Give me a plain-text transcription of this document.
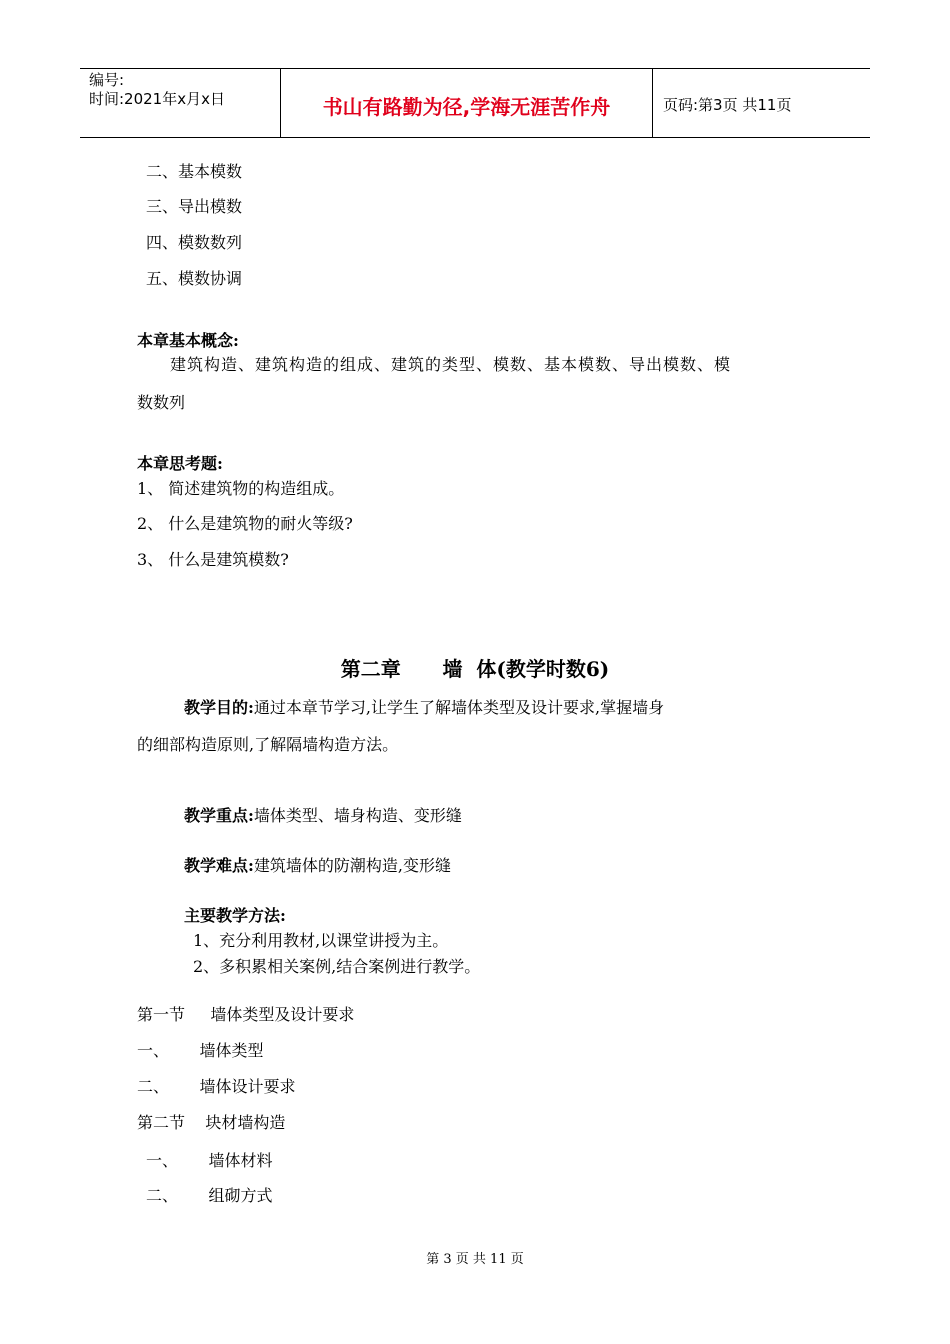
编号:
时间:2021年x月x日	书山有路勤为径,学海无涯苦作舟	页码:第3页 共11页
二、基本模数
三、导出模数
四、模数数列
五、模数协调
本章基本概念:
建筑构造、建筑构造的组成、建筑的类型、模数、基本模数、导出模数、模
数数列
本章思考题:
1、 简述建筑物的构造组成。
2、 什么是建筑物的耐火等级?
3、 什么是建筑模数?
第二章      墙  体(教学时数6)
教学目的:通过本章节学习,让学生了解墙体类型及设计要求,掌握墙身
的细部构造原则,了解隔墙构造方法。
教学重点:墙体类型、墙身构造、变形缝
教学难点:建筑墙体的防潮构造,变形缝
主要教学方法:
1、充分利用教材,以课堂讲授为主。
2、多积累相关案例,结合案例进行教学。
第一节     墙体类型及设计要求
一、      墙体类型
二、      墙体设计要求
第二节    块材墙构造
一、      墙体材料
二、      组砌方式
第 3 页 共 11 页
